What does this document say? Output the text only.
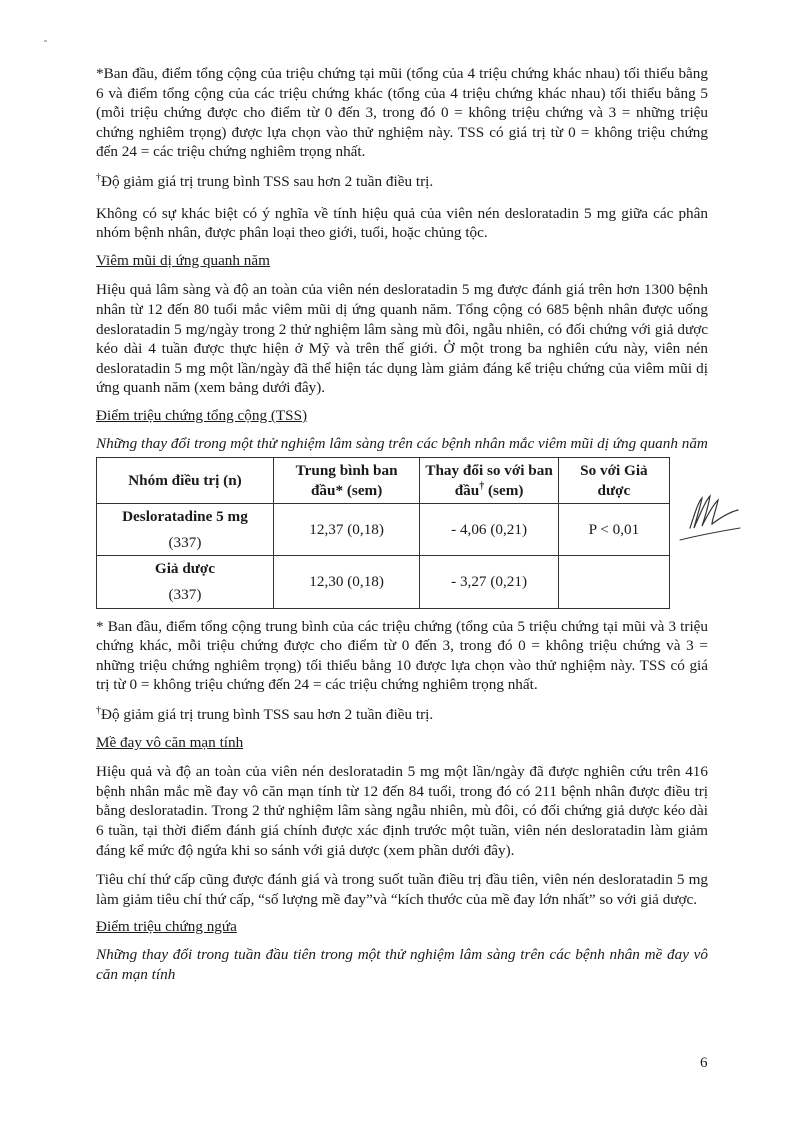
*Ban đầu, điểm tổng cộng của triệu chứng tại mũi (tổng của 4 triệu chứng khác nhau) tối thiểu bằng 6 và điểm tổng cộng của các triệu chứng khác (tổng của 4 triệu chứng khác nhau) tối thiểu bằng 5 (mỗi triệu chứng được cho điểm từ 0 đến 3, trong đó 0 = không triệu chứng và 3 = những triệu chứng nghiêm trọng) được lựa chọn vào thử nghiệm này. TSS có giá trị từ 0 = không triệu chứng đến 24 = các triệu chứng nghiêm trọng nhất.

†Độ giảm giá trị trung bình TSS sau hơn 2 tuần điều trị.

Không có sự khác biệt có ý nghĩa về tính hiệu quả của viên nén desloratadin 5 mg giữa các phân nhóm bệnh nhân, được phân loại theo giới, tuổi, hoặc chủng tộc.

Viêm mũi dị ứng quanh năm

Hiệu quả lâm sàng và độ an toàn của viên nén desloratadin 5 mg được đánh giá trên hơn 1300 bệnh nhân từ 12 đến 80 tuổi mắc viêm mũi dị ứng quanh năm. Tổng cộng có 685 bệnh nhân được uống desloratadin 5 mg/ngày trong 2 thử nghiệm lâm sàng mù đôi, ngẫu nhiên, có đối chứng với giả dược kéo dài 4 tuần được thực hiện ở Mỹ và trên thế giới. Ở một trong ba nghiên cứu này, viên nén desloratadin 5 mg một lần/ngày đã thể hiện tác dụng làm giảm đáng kể triệu chứng của viêm mũi dị ứng quanh năm (xem bảng dưới đây).

Điểm triệu chứng tổng cộng (TSS)

Những thay đổi trong một thử nghiệm lâm sàng trên các bệnh nhân mắc viêm mũi dị ứng quanh năm

Nhóm điều trị (n)	Trung bình ban đầu* (sem)	Thay đổi so với ban đầu† (sem)	So với Giả dược
Desloratadine 5 mg
(337)	12,37 (0,18)	- 4,06 (0,21)	P < 0,01
Giả dược
(337)	12,30 (0,18)	- 3,27 (0,21)	

* Ban đầu, điểm tổng cộng trung bình của các triệu chứng (tổng của 5 triệu chứng tại mũi và 3 triệu chứng khác, mỗi triệu chứng được cho điểm từ 0 đến 3, trong đó 0 = không triệu chứng và 3 = những triệu chứng nghiêm trọng) tối thiểu bằng 10 được lựa chọn vào thử nghiệm này. TSS có giá trị từ 0 = không triệu chứng đến 24 = các triệu chứng nghiêm trọng nhất.

†Độ giảm giá trị trung bình TSS sau hơn 2 tuần điều trị.

Mề đay vô căn mạn tính

Hiệu quả và độ an toàn của viên nén desloratadin 5 mg một lần/ngày đã được nghiên cứu trên 416 bệnh nhân mắc mề đay vô căn mạn tính từ 12 đến 84 tuổi, trong đó có 211 bệnh nhân được điều trị bằng desloratadin. Trong 2 thử nghiệm lâm sàng ngẫu nhiên, mù đôi, có đối chứng giả dược kéo dài 6 tuần, tại thời điểm đánh giá chính được xác định trước một tuần, viên nén desloratadin làm giảm đáng kể mức độ ngứa khi so sánh với giả dược (xem phần dưới đây).

Tiêu chí thứ cấp cũng được đánh giá và trong suốt tuần điều trị đầu tiên, viên nén desloratadin 5 mg làm giảm tiêu chí thứ cấp, “số lượng mề đay”và “kích thước của mề đay lớn nhất” so với giả dược.

Điểm triệu chứng ngứa

Những thay đổi trong tuần đầu tiên trong một thử nghiệm lâm sàng trên các bệnh nhân mề đay vô căn mạn tính

6
